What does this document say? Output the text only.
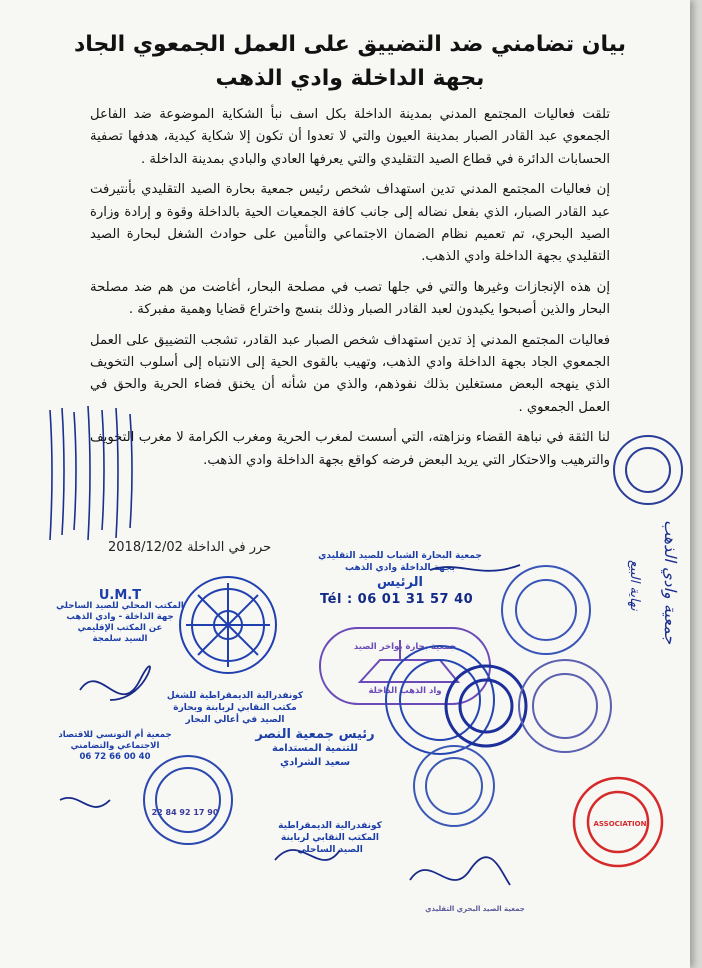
بيان تضامني ضد التضييق على العمل الجمعوي الجاد بجهة الداخلة وادي الذهب

تلقت فعاليات المجتمع المدني بمدينة الداخلة بكل اسف نبأ الشكاية الموضوعة ضد الفاعل الجمعوي عبد القادر الصبار بمدينة العيون والتي لا تعدوا أن تكون إلا شكاية كيدية، هدفها تصفية الحسابات الدائرة في قطاع الصيد التقليدي والتي يعرفها العادي والبادي بمدينة الداخلة .

إن فعاليات المجتمع المدني تدين استهداف شخص رئيس جمعية بحارة الصيد التقليدي بأنتيرفت عبد القادر الصبار، الذي بفعل نضاله إلى جانب كافة الجمعيات الحية بالداخلة وقوة و إرادة وزارة الصيد البحري، تم تعميم نظام الضمان الاجتماعي والتأمين على حوادث الشغل لبحارة الصيد التقليدي بجهة الداخلة وادي الذهب.

إن هذه الإنجازات وغيرها والتي في جلها تصب في مصلحة البحار، أغاضت من هم ضد مصلحة البحار والذين أصبحوا يكيدون لعبد القادر الصبار وذلك بنسج واختراع قضايا وهمية مفبركة .

فعاليات المجتمع المدني إذ تدين استهداف شخص الصبار عبد القادر، تشجب التضييق على العمل الجمعوي الجاد بجهة الداخلة وادي الذهب، وتهيب بالقوى الحية إلى الانتباه إلى أسلوب التخويف الذي ينهجه البعض مستغلين بذلك نفوذهم، والذي من شأنه أن يخنق فضاء الحرية والحق في العمل الجمعوي .

لنا الثقة في نباهة القضاء ونزاهته، التي أسست لمغرب الحرية ومغرب الكرامة لا مغرب التخويف والترهيب والاحتكار التي يريد البعض فرضه كواقع بجهة الداخلة وادي الذهب.

حرر في الداخلة 2018/12/02
جمعية البحارة الشباب للصيد التقليدي
بجهة الداخلة وادي الذهب
الرئيس
Tél : 06 01 31 57 40
U.M.T
المكتب المحلي للصيد الساحلي
جهة الداخلة - وادي الذهب
عن المكتب الإقليمي
السيد سلمجة
كونفدرالية الديمقراطية للشغل
مكتب النقابي لربابنة وبحارة
الصيد في أعالي البحار
جمعية أم التونسي للاقتصاد
الاجتماعي والتضامني
06 72 66 00 40
رئيس جمعية النصر
للتنمية المستدامة
سعيد الشرادي
كونفدرالية الديمقراطية
المكتب النقابي لربابنة
الصيد الساحلي
22 84 92 17 90
جمعية وادي الذهب
نهاية البيع
جمعية بحارة بواخر الصيد
واد الذهب الداخلة
ASSOCIATION
جمعية الصيد البحري التقليدي
